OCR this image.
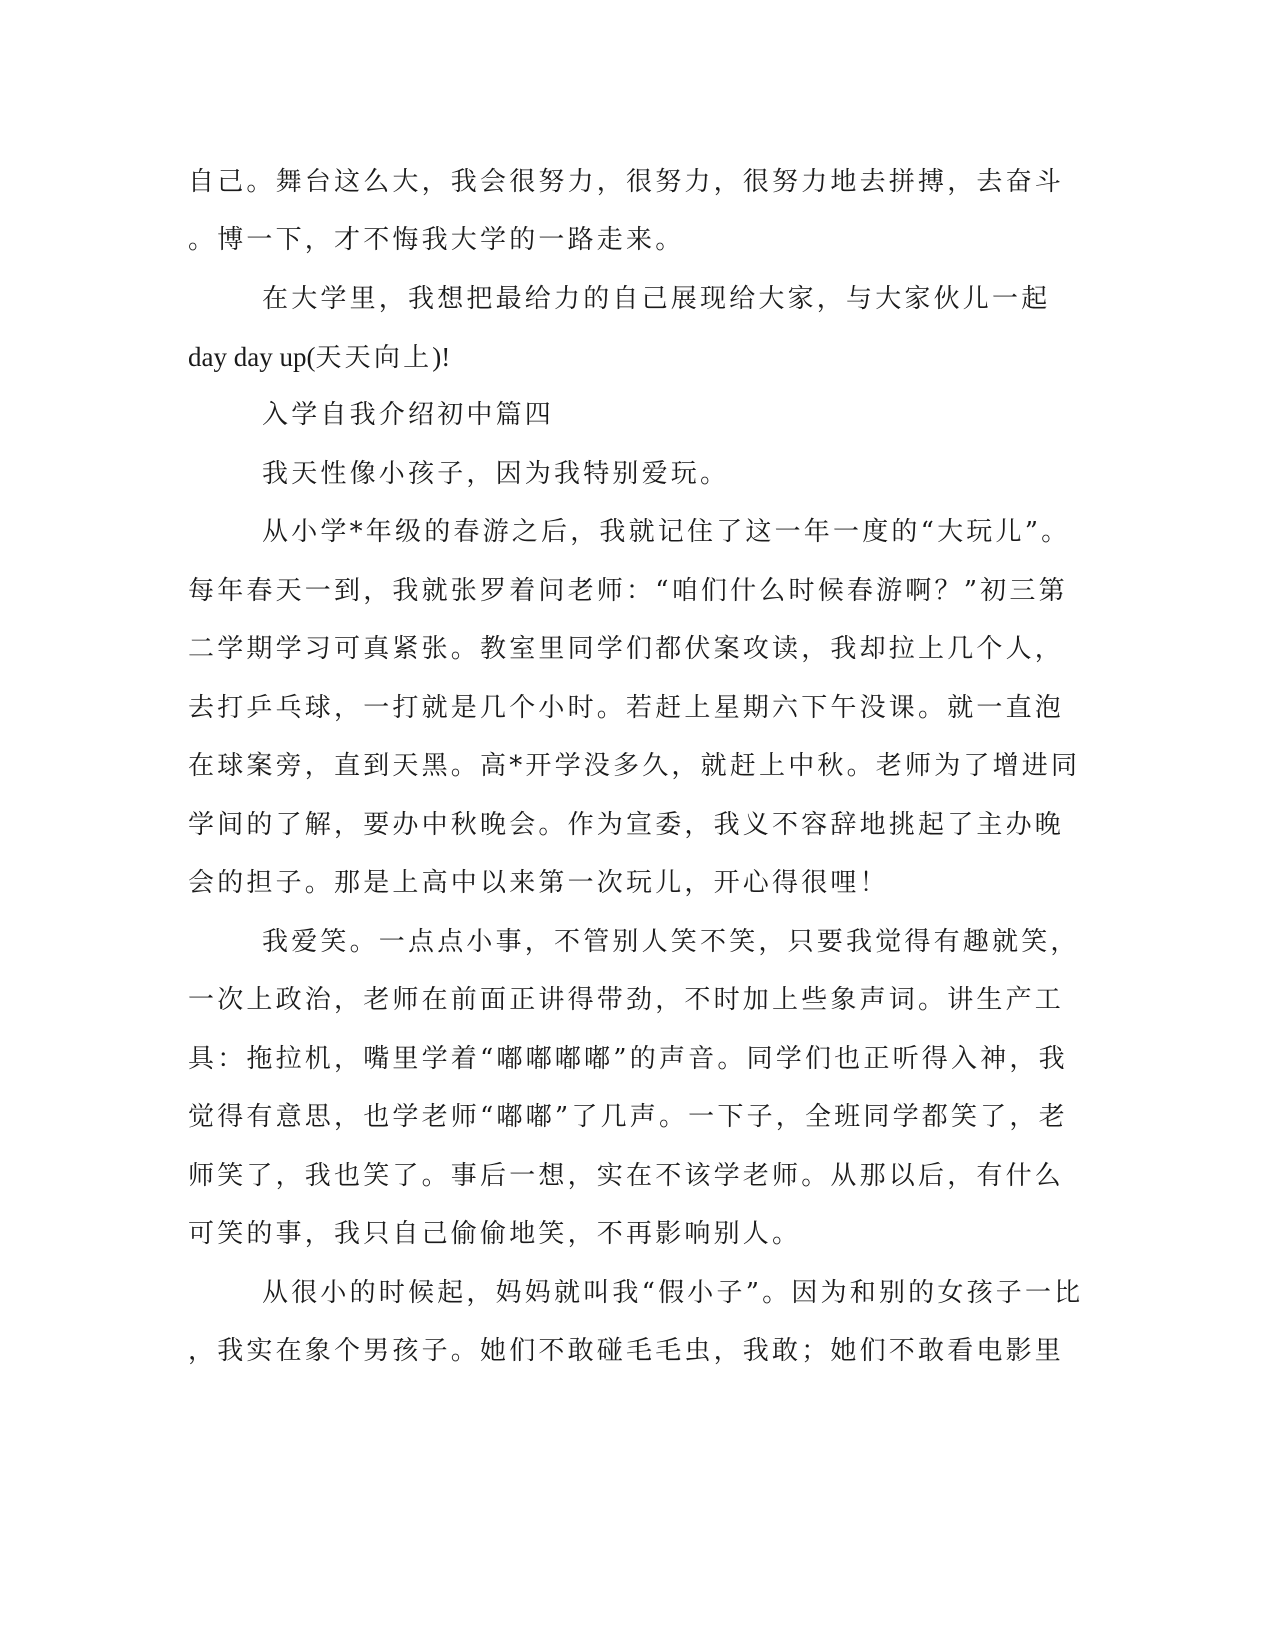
自己。舞台这么大，我会很努力，很努力，很努力地去拼搏，去奋斗

。博一下，才不悔我大学的一路走来。

在大学里，我想把最给力的自己展现给大家，与大家伙儿一起

day day up(天天向上)!

入学自我介绍初中篇四

我天性像小孩子，因为我特别爱玩。

从小学*年级的春游之后，我就记住了这一年一度的“大玩儿”。

每年春天一到，我就张罗着问老师：“咱们什么时候春游啊？”初三第

二学期学习可真紧张。教室里同学们都伏案攻读，我却拉上几个人，

去打乒乓球，一打就是几个小时。若赶上星期六下午没课。就一直泡

在球案旁，直到天黑。高*开学没多久，就赶上中秋。老师为了增进同

学间的了解，要办中秋晚会。作为宣委，我义不容辞地挑起了主办晚

会的担子。那是上高中以来第一次玩儿，开心得很哩！

我爱笑。一点点小事，不管别人笑不笑，只要我觉得有趣就笑，

一次上政治，老师在前面正讲得带劲，不时加上些象声词。讲生产工

具：拖拉机，嘴里学着“嘟嘟嘟嘟”的声音。同学们也正听得入神，我

觉得有意思，也学老师“嘟嘟”了几声。一下子，全班同学都笑了，老

师笑了，我也笑了。事后一想，实在不该学老师。从那以后，有什么

可笑的事，我只自己偷偷地笑，不再影响别人。

从很小的时候起，妈妈就叫我“假小子”。因为和别的女孩子一比

，我实在象个男孩子。她们不敢碰毛毛虫，我敢；她们不敢看电影里
